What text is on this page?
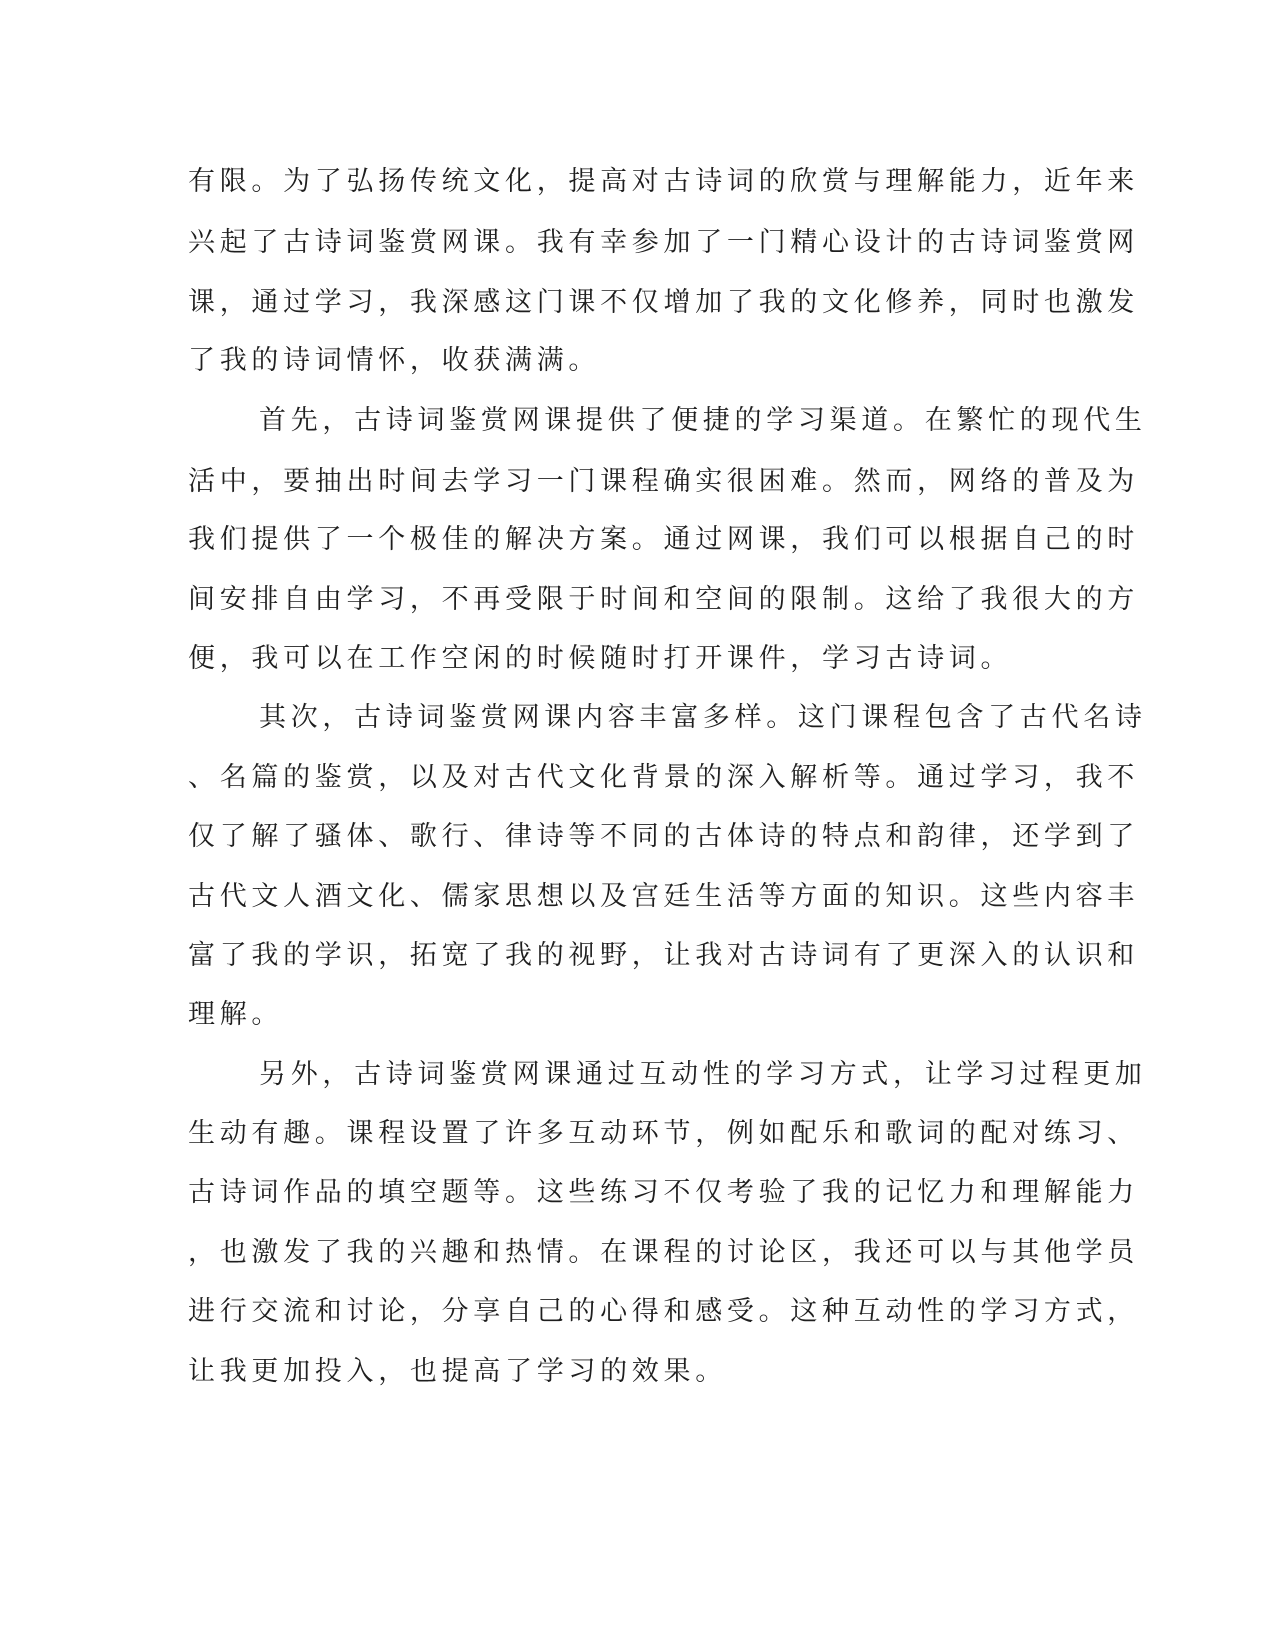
有限。为了弘扬传统文化，提高对古诗词的欣赏与理解能力，近年来

兴起了古诗词鉴赏网课。我有幸参加了一门精心设计的古诗词鉴赏网

课，通过学习，我深感这门课不仅增加了我的文化修养，同时也激发

了我的诗词情怀，收获满满。

首先，古诗词鉴赏网课提供了便捷的学习渠道。在繁忙的现代生

活中，要抽出时间去学习一门课程确实很困难。然而，网络的普及为

我们提供了一个极佳的解决方案。通过网课，我们可以根据自己的时

间安排自由学习，不再受限于时间和空间的限制。这给了我很大的方

便，我可以在工作空闲的时候随时打开课件，学习古诗词。

其次，古诗词鉴赏网课内容丰富多样。这门课程包含了古代名诗

、名篇的鉴赏，以及对古代文化背景的深入解析等。通过学习，我不

仅了解了骚体、歌行、律诗等不同的古体诗的特点和韵律，还学到了

古代文人酒文化、儒家思想以及宫廷生活等方面的知识。这些内容丰

富了我的学识，拓宽了我的视野，让我对古诗词有了更深入的认识和

理解。

另外，古诗词鉴赏网课通过互动性的学习方式，让学习过程更加

生动有趣。课程设置了许多互动环节，例如配乐和歌词的配对练习、

古诗词作品的填空题等。这些练习不仅考验了我的记忆力和理解能力

，也激发了我的兴趣和热情。在课程的讨论区，我还可以与其他学员

进行交流和讨论，分享自己的心得和感受。这种互动性的学习方式，

让我更加投入，也提高了学习的效果。
